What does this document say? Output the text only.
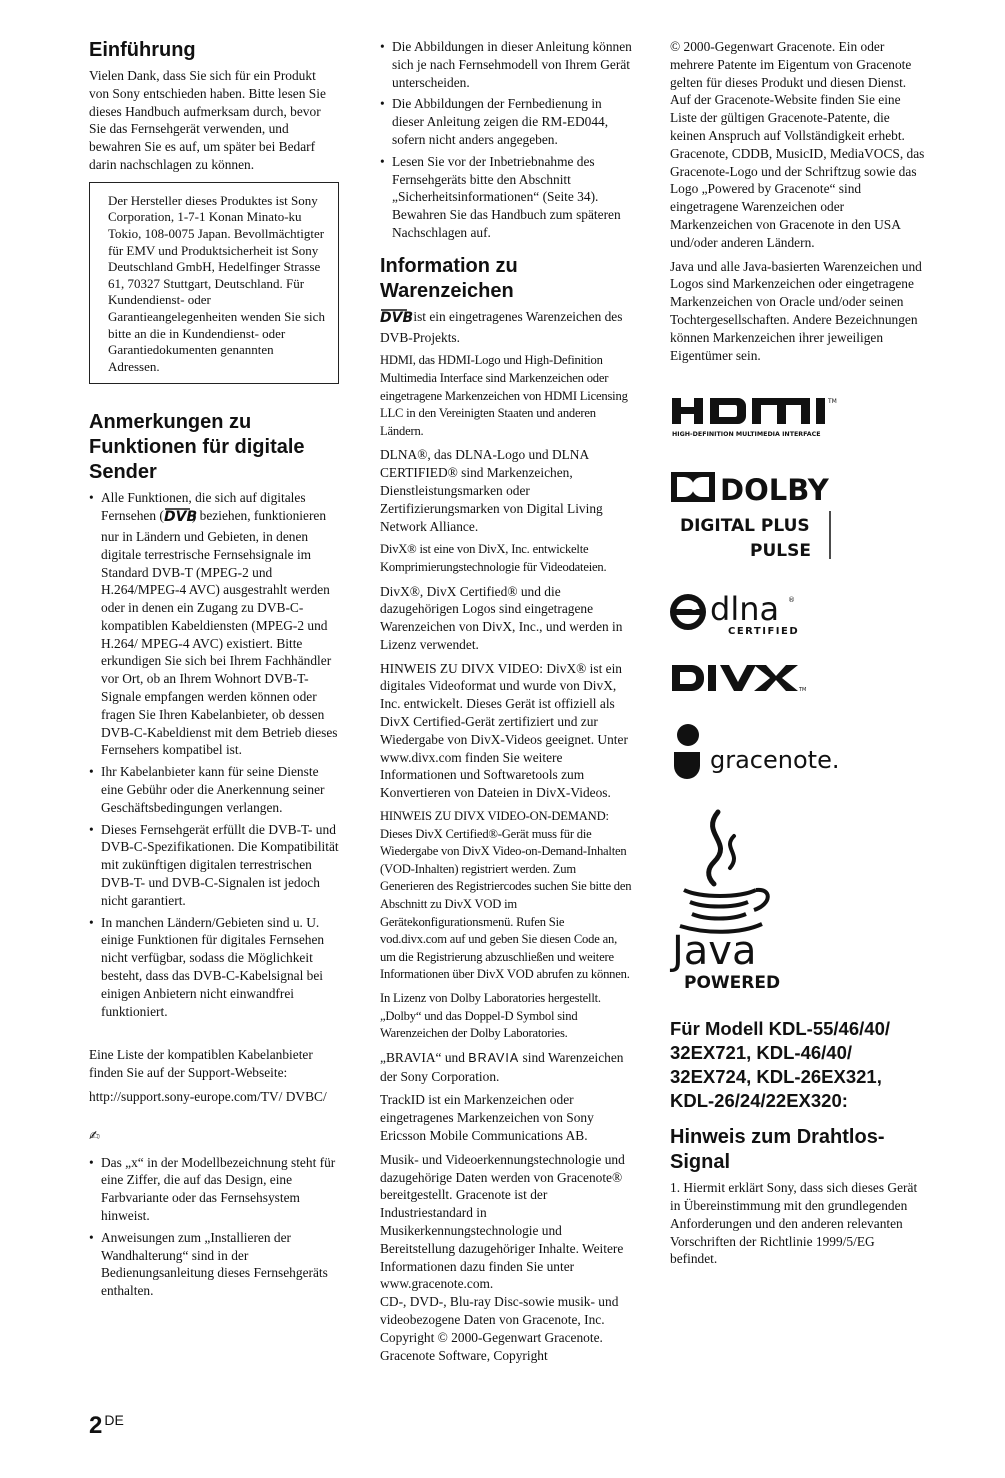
Einführung

Vielen Dank, dass Sie sich für ein Produkt von Sony entschieden haben. Bitte lesen Sie dieses Handbuch aufmerksam durch, bevor Sie das Fernsehgerät verwenden, und bewahren Sie es auf, um später bei Bedarf darin nachschlagen zu können.

Der Hersteller dieses Produktes ist Sony Corporation, 1-7-1 Konan Minato-ku Tokio, 108-0075 Japan. Bevollmächtigter für EMV und Produktsicherheit ist Sony Deutschland GmbH, Hedelfinger Strasse 61, 70327 Stuttgart, Deutschland. Für Kundendienst- oder Garantieangelegenheiten wenden Sie sich bitte an die in Kundendienst- oder Garantiedokumenten genannten Adressen.
Anmerkungen zu Funktionen für digitale Sender
• Alle Funktionen, die sich auf digitales Fernsehen ( DVB
) beziehen, funktionieren nur in Ländern und Gebieten, in denen digitale terrestrische Fernsehsignale im Standard DVB-T (MPEG-2 und H.264/MPEG-4 AVC) ausgestrahlt werden oder in denen ein Zugang zu DVB-C-kompatiblen Kabeldiensten (MPEG-2 und H.264/ MPEG-4 AVC) existiert. Bitte erkundigen Sie sich bei Ihrem Fachhändler vor Ort, ob an Ihrem Wohnort DVB-T-Signale empfangen werden können oder fragen Sie Ihren Kabelanbieter, ob dessen DVB-C-Kabeldienst mit dem Betrieb dieses Fernsehers kompatibel ist.
• Ihr Kabelanbieter kann für seine Dienste eine Gebühr oder die Anerkennung seiner Geschäftsbedingungen verlangen.
• Dieses Fernsehgerät erfüllt die DVB-T- und DVB-C-Spezifikationen. Die Kompatibilität mit zukünftigen digitalen terrestrischen DVB-T- und DVB-C-Signalen ist jedoch nicht garantiert.
• In manchen Ländern/Gebieten sind u. U. einige Funktionen für digitales Fernsehen nicht verfügbar, sodass die Möglichkeit besteht, dass das DVB-C-Kabelsignal bei einigen Anbietern nicht einwandfrei funktioniert.

Eine Liste der kompatiblen Kabelanbieter finden Sie auf der Support-Webseite:

http://support.sony-europe.com/TV/ DVBC/

✍
• Das „x“ in der Modellbezeichnung steht für eine Ziffer, die auf das Design, eine Farbvariante oder das Fernsehsystem hinweist.
• Anweisungen zum „Installieren der Wandhalterung“ sind in der Bedienungsanleitung dieses Fernsehgeräts enthalten.
• Die Abbildungen in dieser Anleitung können sich je nach Fernsehmodell von Ihrem Gerät unterscheiden.
• Die Abbildungen der Fernbedienung in dieser Anleitung zeigen die RM-ED044, sofern nicht anders angegeben.
• Lesen Sie vor der Inbetriebnahme des Fernsehgeräts bitte den Abschnitt „Sicherheitsinformationen“ (Seite 34). Bewahren Sie das Handbuch zum späteren Nachschlagen auf.
Information zu Warenzeichen

DVB
ist ein eingetragenes Warenzeichen des DVB-Projekts.

HDMI, das HDMI-Logo und High-Definition Multimedia Interface sind Markenzeichen oder eingetragene Markenzeichen von HDMI Licensing LLC in den Vereinigten Staaten und anderen Ländern.

DLNA®, das DLNA-Logo und DLNA CERTIFIED® sind Markenzeichen, Dienstleistungsmarken oder Zertifizierungsmarken von Digital Living Network Alliance.

DivX® ist eine von DivX, Inc. entwickelte Komprimierungstechnologie für Videodateien.

DivX®, DivX Certified® und die dazugehörigen Logos sind eingetragene Warenzeichen von DivX, Inc., und werden in Lizenz verwendet.

HINWEIS ZU DIVX VIDEO: DivX® ist ein digitales Videoformat und wurde von DivX, Inc. entwickelt. Dieses Gerät ist offiziell als DivX Certified-Gerät zertifiziert und zur Wiedergabe von DivX-Videos geeignet. Unter www.divx.com finden Sie weitere Informationen und Softwaretools zum Konvertieren von Dateien in DivX-Videos.

HINWEIS ZU DIVX VIDEO-ON-DEMAND: Dieses DivX Certified®-Gerät muss für die Wiedergabe von DivX Video-on-Demand-Inhalten (VOD-Inhalten) registriert werden. Zum Generieren des Registriercodes suchen Sie bitte den Abschnitt zu DivX VOD im Gerätekonfigurationsmenü. Rufen Sie vod.divx.com auf und geben Sie diesen Code an, um die Registrierung abzuschließen und weitere Informationen über DivX VOD abrufen zu können.

In Lizenz von Dolby Laboratories hergestellt. „Dolby“ und das Doppel-D Symbol sind Warenzeichen der Dolby Laboratories.

„BRAVIA“ und BRAVIA sind Warenzeichen der Sony Corporation.

TrackID ist ein Markenzeichen oder eingetragenes Markenzeichen von Sony Ericsson Mobile Communications AB.

Musik- und Videoerkennungstechnologie und dazugehörige Daten werden von Gracenote® bereitgestellt. Gracenote ist der Industriestandard in Musikerkennungstechnologie und Bereitstellung dazugehöriger Inhalte. Weitere Informationen dazu finden Sie unter www.gracenote.com.

CD-, DVD-, Blu-ray Disc-sowie musik- und videobezogene Daten von Gracenote, Inc. Copyright © 2000-Gegenwart Gracenote. Gracenote Software, Copyright

© 2000-Gegenwart Gracenote. Ein oder mehrere Patente im Eigentum von Gracenote gelten für dieses Produkt und diesen Dienst. Auf der Gracenote-Website finden Sie eine Liste der gültigen Gracenote-Patente, die keinen Anspruch auf Vollständigkeit erhebt. Gracenote, CDDB, MusicID, MediaVOCS, das Gracenote-Logo und der Schriftzug sowie das Logo „Powered by Gracenote“ sind eingetragene Warenzeichen oder Markenzeichen von Gracenote in den USA und/oder anderen Ländern.

Java und alle Java-basierten Warenzeichen und Logos sind Markenzeichen oder eingetragene Markenzeichen von Oracle und/oder seinen Tochtergesellschaften. Andere Bezeichnungen können Markenzeichen ihrer jeweiligen Eigentümer sein.

TM
HIGH-DEFINITION MULTIMEDIA INTERFACE
DOLBY
DIGITAL PLUS
PULSE
dlna ®
CERTIFIED
TM
gracenote.
Java
POWERED
Für Modell KDL-55/46/40/ 32EX721, KDL-46/40/ 32EX724, KDL-26EX321, KDL-26/24/22EX320:
Hinweis zum Drahtlos-Signal

1. Hiermit erklärt Sony, dass sich dieses Gerät in Übereinstimmung mit den grundlegenden Anforderungen und den anderen relevanten Vorschriften der Richtlinie 1999/5/EG befindet.

2 DE
